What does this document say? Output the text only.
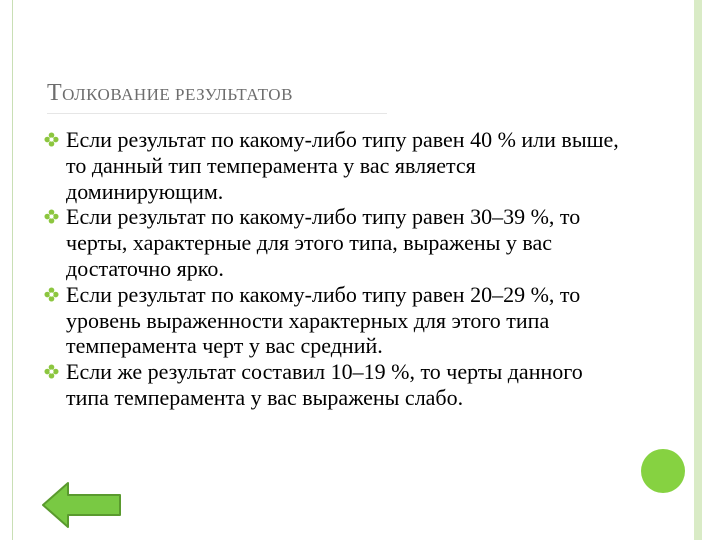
ТОЛКОВАНИЕ РЕЗУЛЬТАТОВ
Если результат по какому-либо типу равен 40 % или выше, то данный тип темперамента у вас является доминирующим.
Если результат по какому-либо типу равен 30–39 %, то черты, характерные для этого типа, выражены у вас достаточно ярко.
Если результат по какому-либо типу равен 20–29 %, то уровень выраженности характерных для этого типа темперамента черт у вас средний.
Если же результат составил 10–19 %, то черты данного типа темперамента у вас выражены слабо.
